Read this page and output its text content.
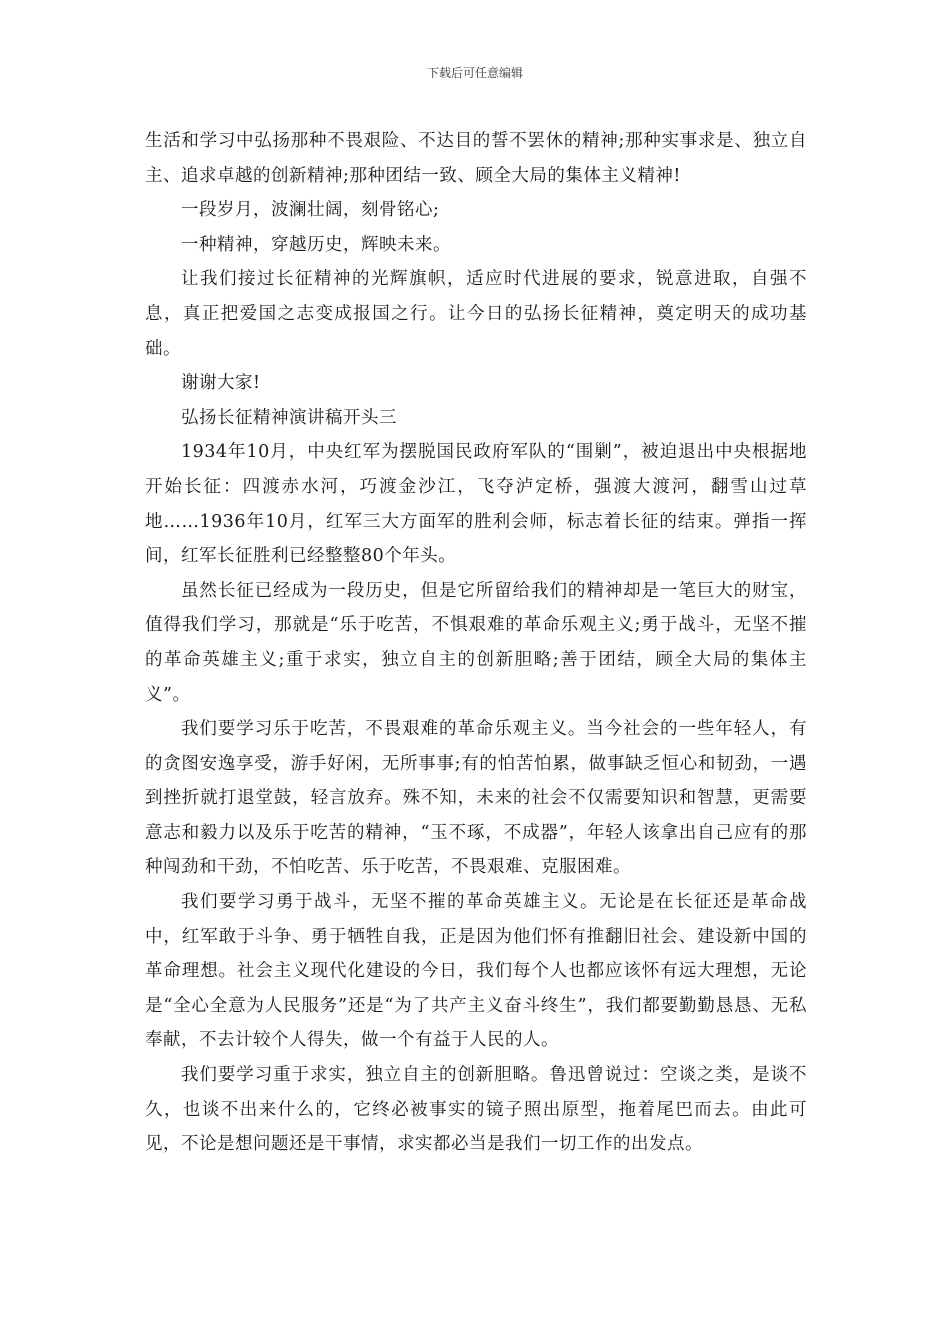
下载后可任意编辑

生活和学习中弘扬那种不畏艰险、不达目的誓不罢休的精神;那种实事求是、独立自主、追求卓越的创新精神;那种团结一致、顾全大局的集体主义精神!

一段岁月，波澜壮阔，刻骨铭心;

一种精神，穿越历史，辉映未来。

让我们接过长征精神的光辉旗帜，适应时代进展的要求，锐意进取，自强不息，真正把爱国之志变成报国之行。让今日的弘扬长征精神，奠定明天的成功基础。

谢谢大家!

弘扬长征精神演讲稿开头三

1934年10月，中央红军为摆脱国民政府军队的“围剿”，被迫退出中央根据地开始长征：四渡赤水河，巧渡金沙江，飞夺泸定桥，强渡大渡河，翻雪山过草地……1936年10月，红军三大方面军的胜利会师，标志着长征的结束。弹指一挥间，红军长征胜利已经整整80个年头。

虽然长征已经成为一段历史，但是它所留给我们的精神却是一笔巨大的财宝，值得我们学习，那就是“乐于吃苦，不惧艰难的革命乐观主义;勇于战斗，无坚不摧的革命英雄主义;重于求实，独立自主的创新胆略;善于团结，顾全大局的集体主义”。

我们要学习乐于吃苦，不畏艰难的革命乐观主义。当今社会的一些年轻人，有的贪图安逸享受，游手好闲，无所事事;有的怕苦怕累，做事缺乏恒心和韧劲，一遇到挫折就打退堂鼓，轻言放弃。殊不知，未来的社会不仅需要知识和智慧，更需要意志和毅力以及乐于吃苦的精神，“玉不琢，不成器”，年轻人该拿出自己应有的那种闯劲和干劲，不怕吃苦、乐于吃苦，不畏艰难、克服困难。

我们要学习勇于战斗，无坚不摧的革命英雄主义。无论是在长征还是革命战中，红军敢于斗争、勇于牺牲自我，正是因为他们怀有推翻旧社会、建设新中国的革命理想。社会主义现代化建设的今日，我们每个人也都应该怀有远大理想，无论是“全心全意为人民服务”还是“为了共产主义奋斗终生”，我们都要勤勤恳恳、无私奉献，不去计较个人得失，做一个有益于人民的人。

我们要学习重于求实，独立自主的创新胆略。鲁迅曾说过：空谈之类，是谈不久，也谈不出来什么的，它终必被事实的镜子照出原型，拖着尾巴而去。由此可见，不论是想问题还是干事情，求实都必当是我们一切工作的出发点。
